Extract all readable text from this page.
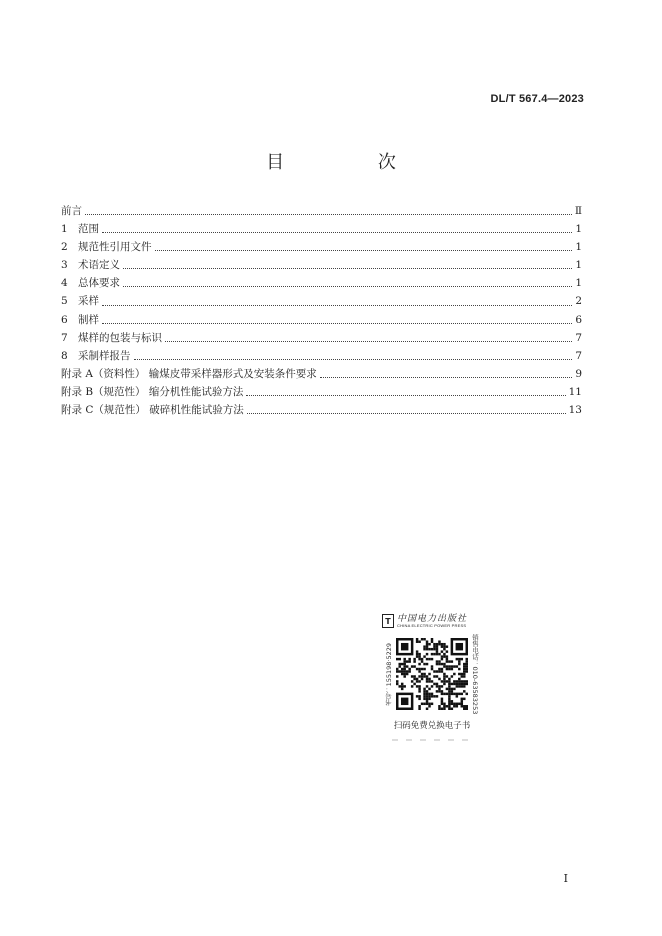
DL/T 567.4—2023
目 次
前言	Ⅱ
1 范围	1
2 规范性引用文件	1
3 术语定义	1
4 总体要求	1
5 采样	2
6 制样	6
7 煤样的包装与标识	7
8 采制样报告	7
附录 A（资料性） 输煤皮带采样器形式及安装条件要求	9
附录 B（规范性） 缩分机性能试验方法	11
附录 C（规范性） 破碎机性能试验方法	13
T 中国电力出版社
CHINA ELECTRIC POWER PRESS
书号：155198·5229	销售电话：010-63583253
扫码免费兑换电子书
I
